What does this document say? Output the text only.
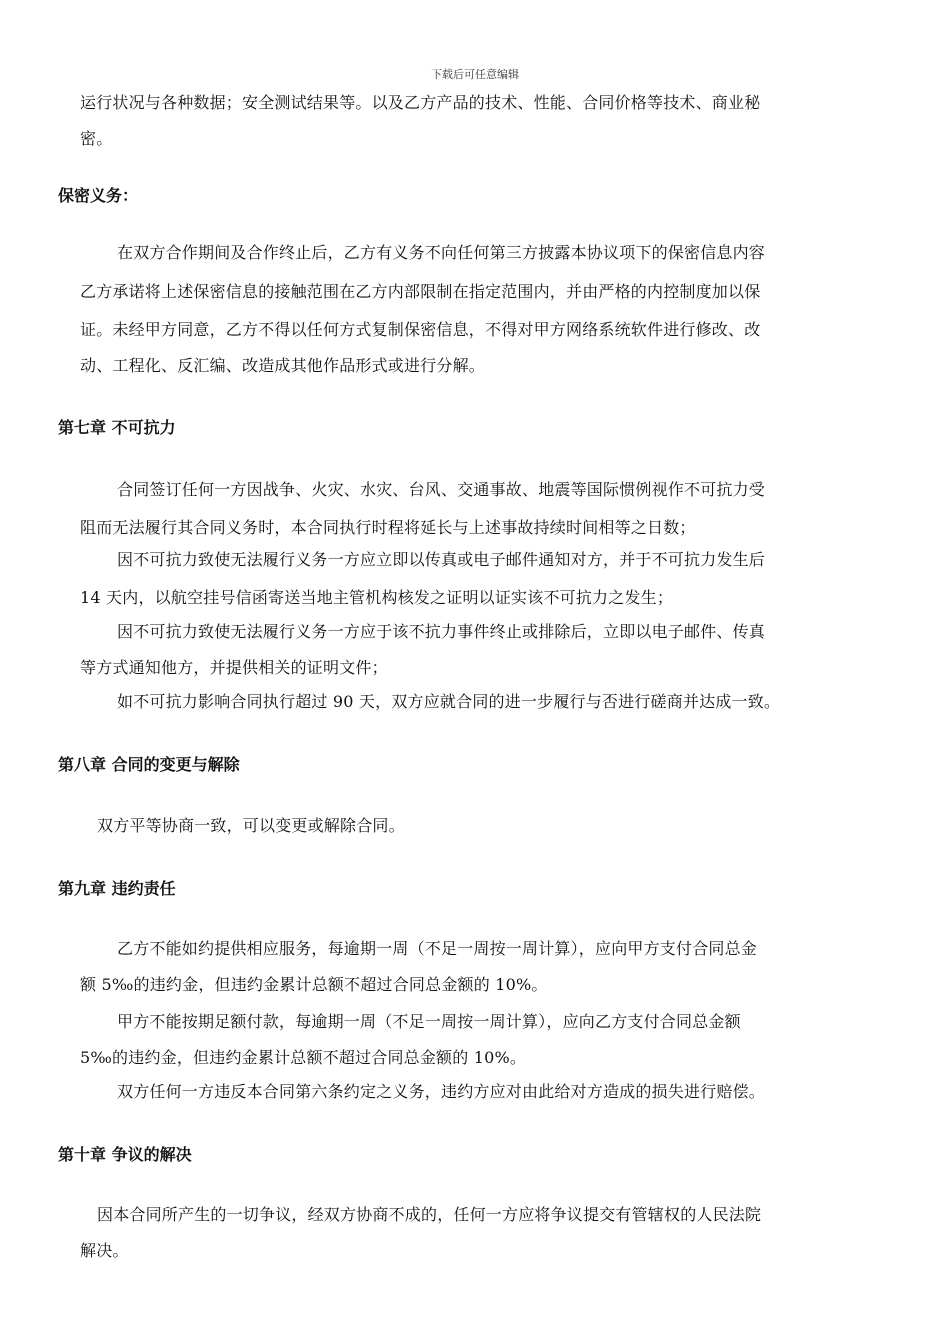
下载后可任意编辑
运行状况与各种数据；安全测试结果等。以及乙方产品的技术、性能、合同价格等技术、商业秘
密。
保密义务：
在双方合作期间及合作终止后，乙方有义务不向任何第三方披露本协议项下的保密信息内容
乙方承诺将上述保密信息的接触范围在乙方内部限制在指定范围内，并由严格的内控制度加以保
证。未经甲方同意，乙方不得以任何方式复制保密信息，不得对甲方网络系统软件进行修改、改
动、工程化、反汇编、改造成其他作品形式或进行分解。
第七章 不可抗力
合同签订任何一方因战争、火灾、水灾、台风、交通事故、地震等国际惯例视作不可抗力受
阻而无法履行其合同义务时，本合同执行时程将延长与上述事故持续时间相等之日数；
因不可抗力致使无法履行义务一方应立即以传真或电子邮件通知对方，并于不可抗力发生后
14 天内，以航空挂号信函寄送当地主管机构核发之证明以证实该不可抗力之发生；
因不可抗力致使无法履行义务一方应于该不抗力事件终止或排除后，立即以电子邮件、传真
等方式通知他方，并提供相关的证明文件；
如不可抗力影响合同执行超过 90 天，双方应就合同的进一步履行与否进行磋商并达成一致。
第八章 合同的变更与解除
双方平等协商一致，可以变更或解除合同。
第九章 违约责任
乙方不能如约提供相应服务，每逾期一周（不足一周按一周计算），应向甲方支付合同总金
额 5‰的违约金，但违约金累计总额不超过合同总金额的 10%。
甲方不能按期足额付款，每逾期一周（不足一周按一周计算），应向乙方支付合同总金额
5‰的违约金，但违约金累计总额不超过合同总金额的 10%。
双方任何一方违反本合同第六条约定之义务，违约方应对由此给对方造成的损失进行赔偿。
第十章 争议的解决
因本合同所产生的一切争议，经双方协商不成的，任何一方应将争议提交有管辖权的人民法院
解决。
